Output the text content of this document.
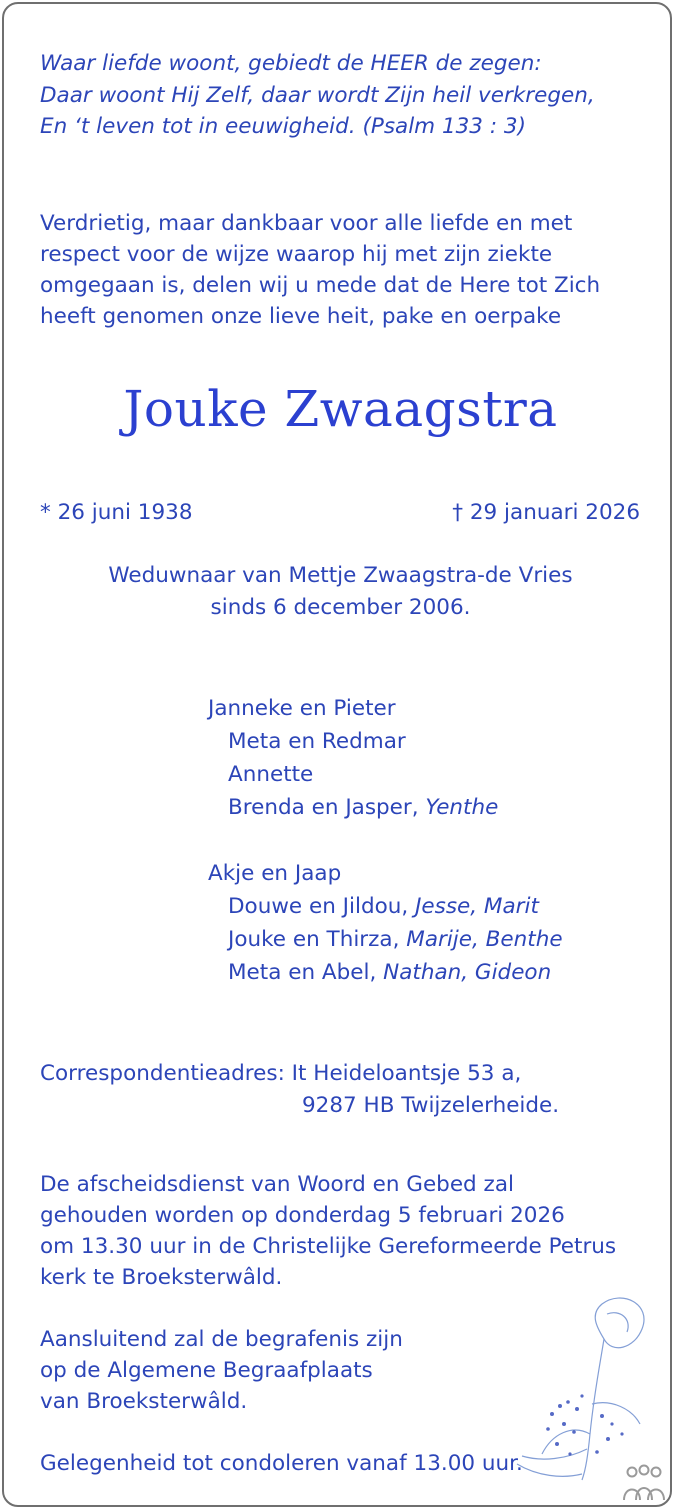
Waar liefde woont, gebiedt de HEER de zegen:
Daar woont Hij Zelf, daar wordt Zijn heil verkregen,
En ‘t leven tot in eeuwigheid. (Psalm 133 : 3)
Verdrietig, maar dankbaar voor alle liefde en met
respect voor de wijze waarop hij met zijn ziekte
omgegaan is, delen wij u mede dat de Here tot Zich
heeft genomen onze lieve heit, pake en oerpake
Jouke Zwaagstra
* 26 juni 1938	† 29 januari 2026
Weduwnaar van Mettje Zwaagstra-de Vries
sinds 6 december 2006.
Janneke en Pieter
Meta en Redmar
Annette
Brenda en Jasper, Yenthe
Akje en Jaap
Douwe en Jildou, Jesse, Marit
Jouke en Thirza, Marije, Benthe
Meta en Abel, Nathan, Gideon
Correspondentieadres: It Heideloantsje 53 a,
9287 HB Twijzelerheide.
De afscheidsdienst van Woord en Gebed zal
gehouden worden op donderdag 5 februari 2026
om 13.30 uur in de Christelijke Gereformeerde Petrus
kerk te Broeksterwâld.
Aansluitend zal de begrafenis zijn
op de Algemene Begraafplaats
van Broeksterwâld.
Gelegenheid tot condoleren vanaf 13.00 uur.
